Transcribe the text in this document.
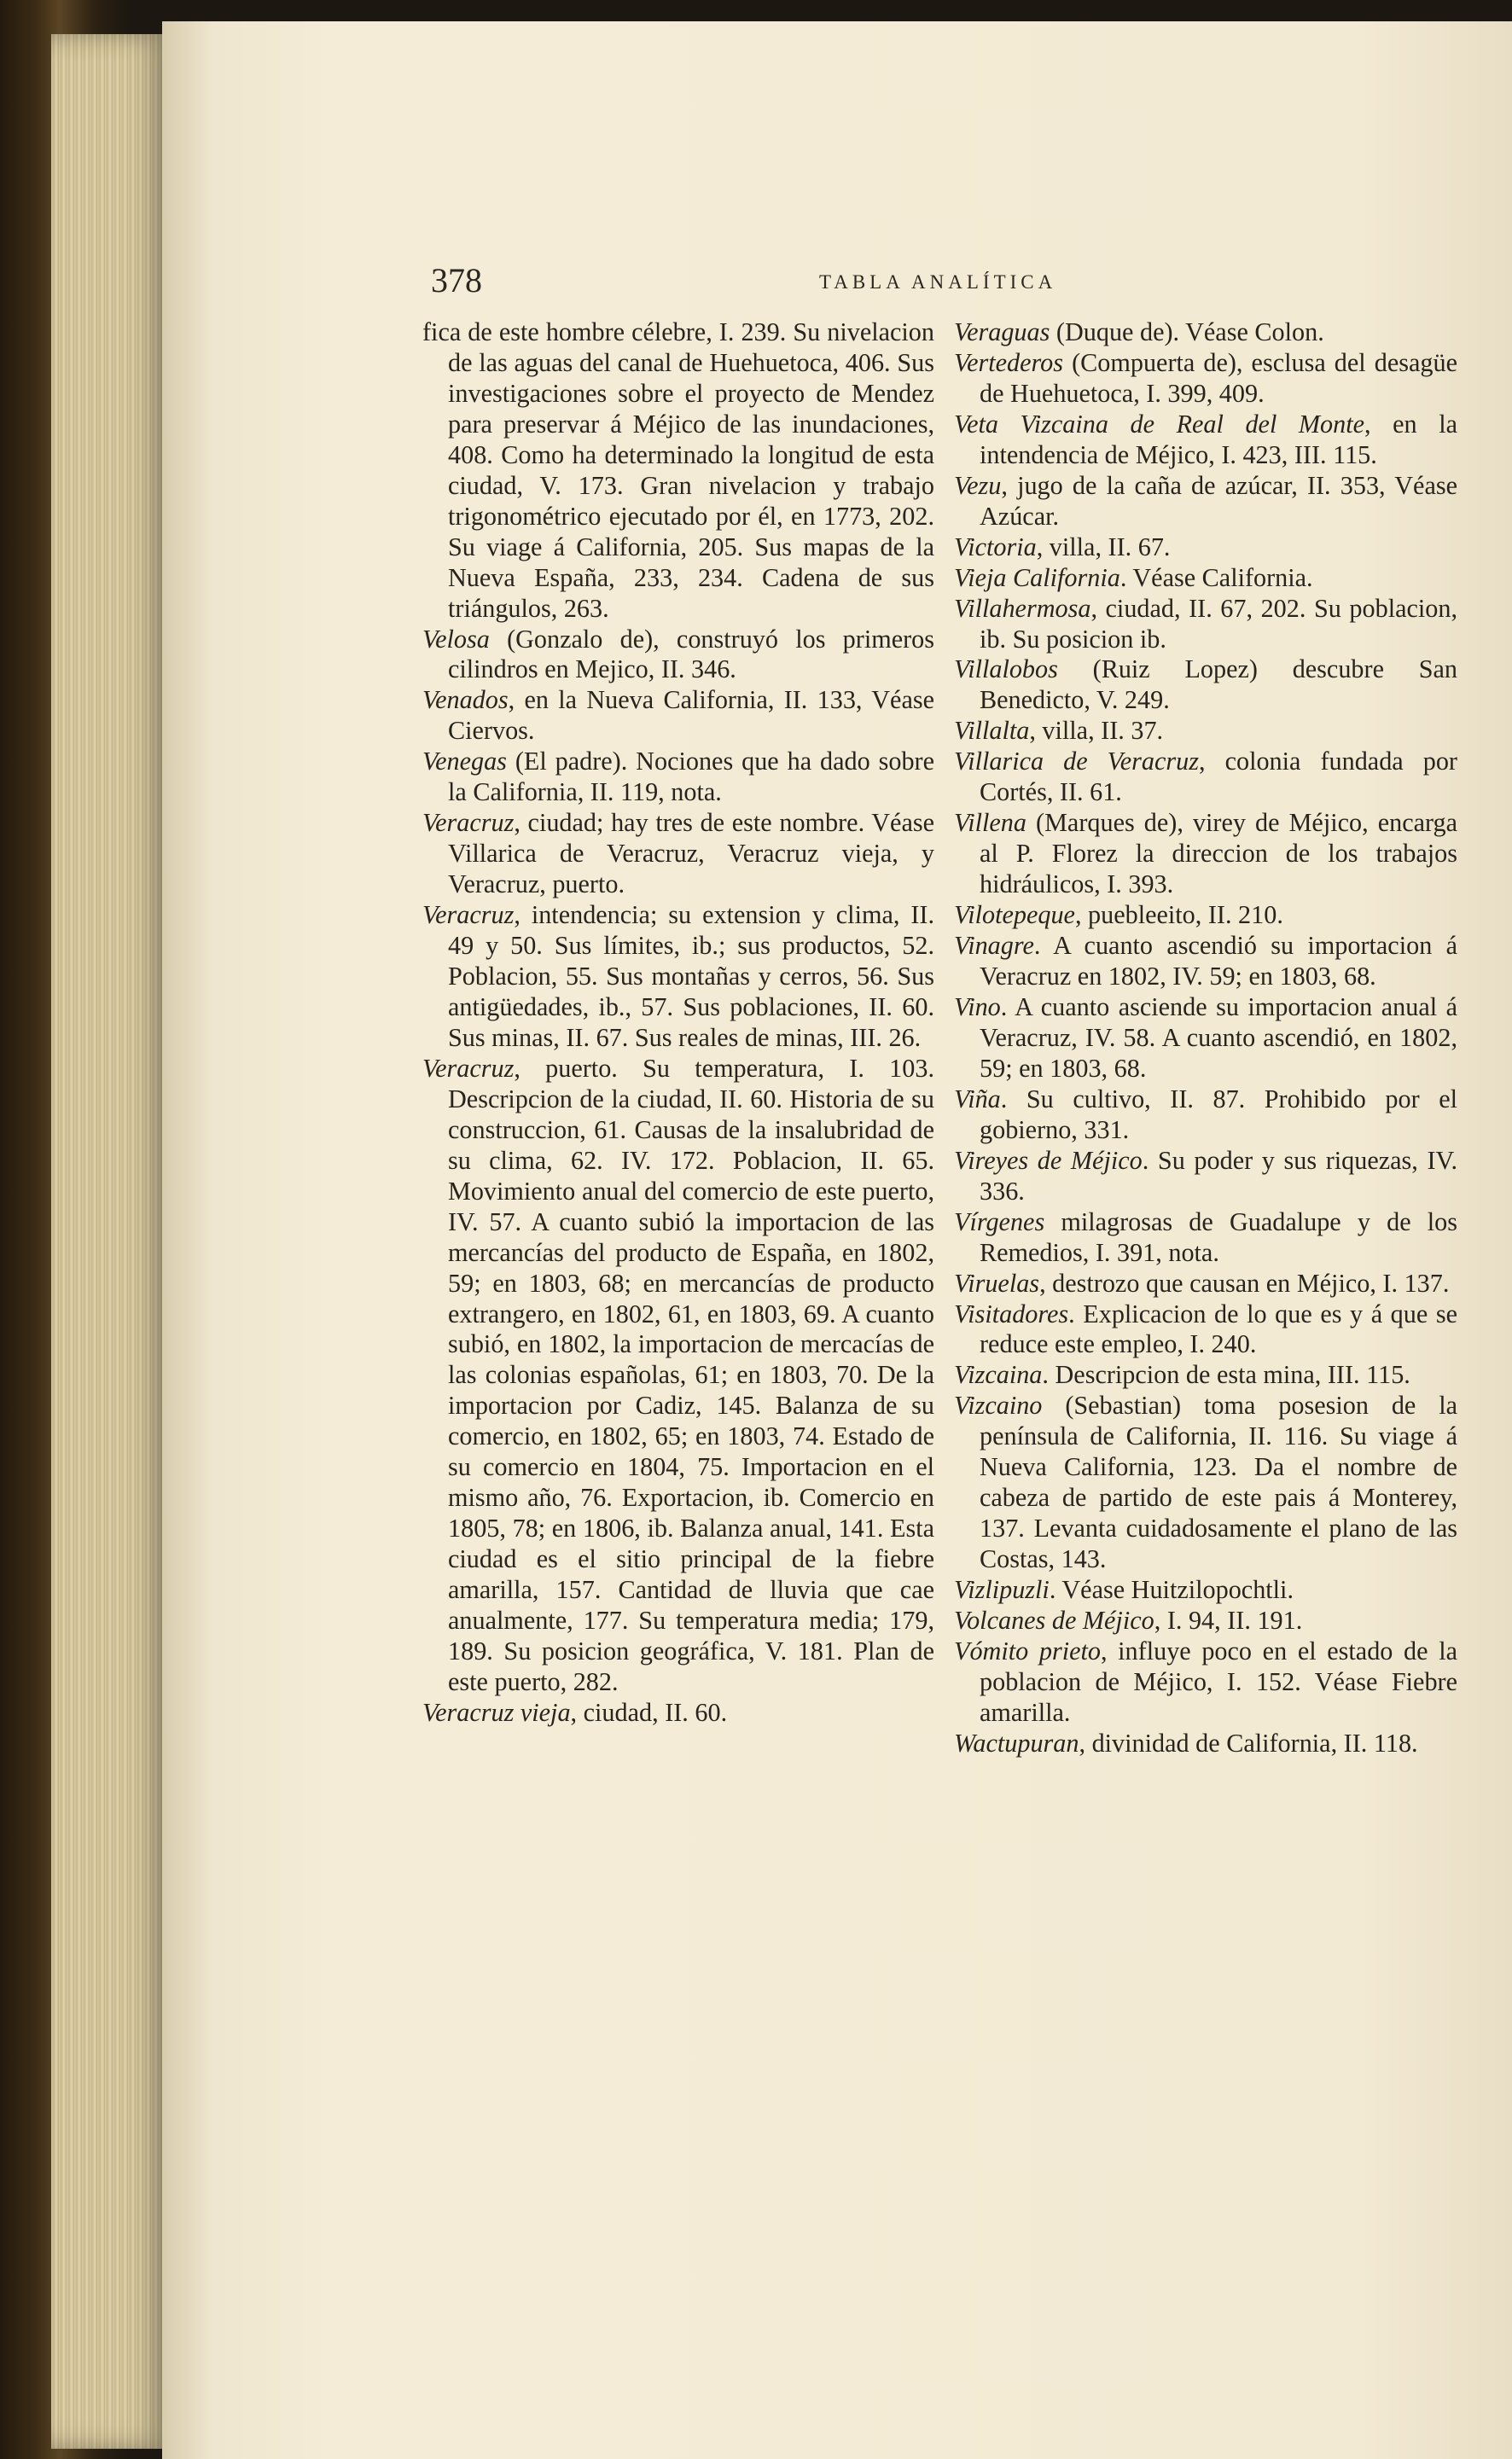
378	TABLA ANALÍTICA

fica de este hombre célebre, I. 239. Su nivelacion de las aguas del canal de Huehuetoca, 406. Sus investigaciones sobre el proyecto de Mendez para preservar á Méjico de las inundaciones, 408. Como ha determinado la longitud de esta ciudad, V. 173. Gran nivelacion y trabajo trigonométrico ejecutado por él, en 1773, 202. Su viage á California, 205. Sus mapas de la Nueva España, 233, 234. Cadena de sus triángulos, 263.

Velosa (Gonzalo de), construyó los primeros cilindros en Mejico, II. 346.

Venados, en la Nueva California, II. 133, Véase Ciervos.

Venegas (El padre). Nociones que ha dado sobre la California, II. 119, nota.

Veracruz, ciudad; hay tres de este nombre. Véase Villarica de Veracruz, Veracruz vieja, y Veracruz, puerto.

Veracruz, intendencia; su extension y clima, II. 49 y 50. Sus límites, ib.; sus productos, 52. Poblacion, 55. Sus montañas y cerros, 56. Sus antigüedades, ib., 57. Sus poblaciones, II. 60. Sus minas, II. 67. Sus reales de minas, III. 26.

Veracruz, puerto. Su temperatura, I. 103. Descripcion de la ciudad, II. 60. Historia de su construccion, 61. Causas de la insalubridad de su clima, 62. IV. 172. Poblacion, II. 65. Movimiento anual del comercio de este puerto, IV. 57. A cuanto subió la importacion de las mercancías del producto de España, en 1802, 59; en 1803, 68; en mercancías de producto extrangero, en 1802, 61, en 1803, 69. A cuanto subió, en 1802, la importacion de mercacías de las colonias españolas, 61; en 1803, 70. De la importacion por Cadiz, 145. Balanza de su comercio, en 1802, 65; en 1803, 74. Estado de su comercio en 1804, 75. Importacion en el mismo año, 76. Exportacion, ib. Comercio en 1805, 78; en 1806, ib. Balanza anual, 141. Esta ciudad es el sitio principal de la fiebre amarilla, 157. Cantidad de lluvia que cae anualmente, 177. Su temperatura media; 179, 189. Su posicion geográfica, V. 181. Plan de este puerto, 282.

Veracruz vieja, ciudad, II. 60.

Veraguas (Duque de). Véase Colon.

Vertederos (Compuerta de), esclusa del desagüe de Huehuetoca, I. 399, 409.

Veta Vizcaina de Real del Monte, en la intendencia de Méjico, I. 423, III. 115.

Vezu, jugo de la caña de azúcar, II. 353, Véase Azúcar.

Victoria, villa, II. 67.

Vieja California. Véase California.

Villahermosa, ciudad, II. 67, 202. Su poblacion, ib. Su posicion ib.

Villalobos (Ruiz Lopez) descubre San Benedicto, V. 249.

Villalta, villa, II. 37.

Villarica de Veracruz, colonia fundada por Cortés, II. 61.

Villena (Marques de), virey de Méjico, encarga al P. Florez la direccion de los trabajos hidráulicos, I. 393.

Vilotepeque, puebleeito, II. 210.

Vinagre. A cuanto ascendió su importacion á Veracruz en 1802, IV. 59; en 1803, 68.

Vino. A cuanto asciende su importacion anual á Veracruz, IV. 58. A cuanto ascendió, en 1802, 59; en 1803, 68.

Viña. Su cultivo, II. 87. Prohibido por el gobierno, 331.

Vireyes de Méjico. Su poder y sus riquezas, IV. 336.

Vírgenes milagrosas de Guadalupe y de los Remedios, I. 391, nota.

Viruelas, destrozo que causan en Méjico, I. 137.

Visitadores. Explicacion de lo que es y á que se reduce este empleo, I. 240.

Vizcaina. Descripcion de esta mina, III. 115.

Vizcaino (Sebastian) toma posesion de la península de California, II. 116. Su viage á Nueva California, 123. Da el nombre de cabeza de partido de este pais á Monterey, 137. Levanta cuidadosamente el plano de las Costas, 143.

Vizlipuzli. Véase Huitzilopochtli.

Volcanes de Méjico, I. 94, II. 191.

Vómito prieto, influye poco en el estado de la poblacion de Méjico, I. 152. Véase Fiebre amarilla.

Wactupuran, divinidad de California, II. 118.
